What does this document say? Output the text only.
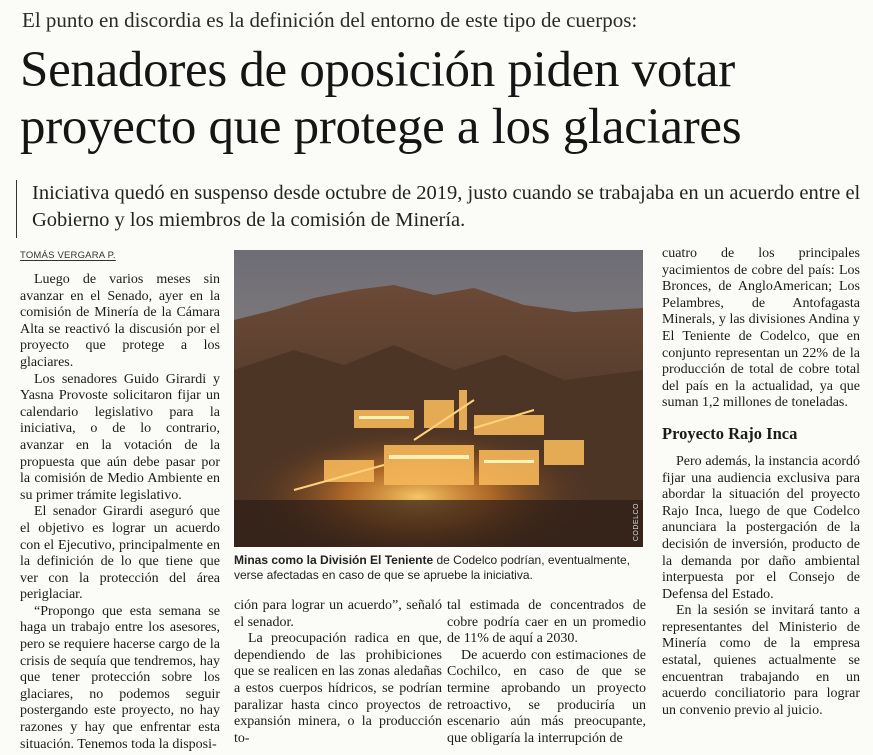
El punto en discordia es la definición del entorno de este tipo de cuerpos:
Senadores de oposición piden votar proyecto que protege a los glaciares
Iniciativa quedó en suspenso desde octubre de 2019, justo cuando se trabajaba en un acuerdo entre el Gobierno y los miembros de la comisión de Minería.
TOMÁS VERGARA P.

Luego de varios meses sin avanzar en el Senado, ayer en la comisión de Minería de la Cámara Alta se reactivó la discusión por el proyecto que protege a los glaciares.

Los senadores Guido Girardi y Yasna Provoste solicitaron fijar un calendario legislativo para la iniciativa, o de lo contrario, avanzar en la votación de la propuesta que aún debe pasar por la comisión de Medio Ambiente en su primer trámite legislativo.

El senador Girardi aseguró que el objetivo es lograr un acuerdo con el Ejecutivo, principalmente en la definición de lo que tiene que ver con la protección del área periglaciar.

“Propongo que esta semana se haga un trabajo entre los asesores, pero se requiere hacerse cargo de la crisis de sequía que tendremos, hay que tener protección sobre los glaciares, no podemos seguir postergando este proyecto, no hay razones y hay que enfrentar esta situación. Tenemos toda la disposi-

CODELCO
Minas como la División El Teniente de Codelco podrían, eventualmente, verse afectadas en caso de que se apruebe la iniciativa.

ción para lograr un acuerdo”, señaló el senador.

La preocupación radica en que, dependiendo de las prohibiciones que se realicen en las zonas aledañas a estos cuerpos hídricos, se podrían paralizar hasta cinco proyectos de expansión minera, o la producción to-

tal estimada de concentrados de cobre podría caer en un promedio de 11% de aquí a 2030.

De acuerdo con estimaciones de Cochilco, en caso de que se termine aprobando un proyecto retroactivo, se produciría un escenario aún más preocupante, que obligaría la interrupción de

cuatro de los principales yacimientos de cobre del país: Los Bronces, de AngloAmerican; Los Pelambres, de Antofagasta Minerals, y las divisiones Andina y El Teniente de Codelco, que en conjunto representan un 22% de la producción de total de cobre total del país en la actualidad, ya que suman 1,2 millones de toneladas.

Proyecto Rajo Inca

Pero además, la instancia acordó fijar una audiencia exclusiva para abordar la situación del proyecto Rajo Inca, luego de que Codelco anunciara la postergación de la decisión de inversión, producto de la demanda por daño ambiental interpuesta por el Consejo de Defensa del Estado.

En la sesión se invitará tanto a representantes del Ministerio de Minería como de la empresa estatal, quienes actualmente se encuentran trabajando en un acuerdo conciliatorio para lograr un convenio previo al juicio.
